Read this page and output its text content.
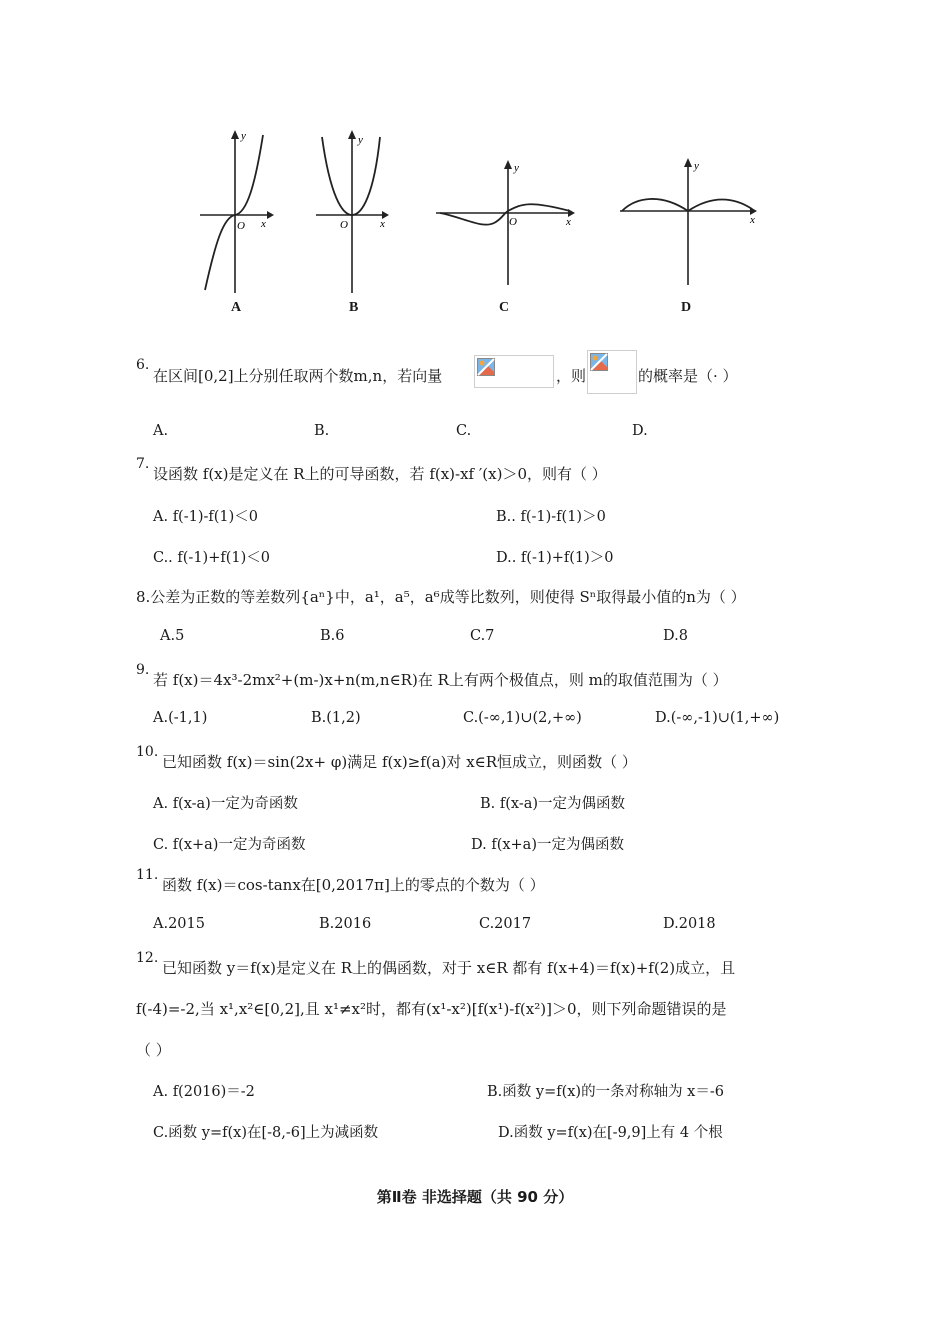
y
x
O
A
y
x
O
B
y
x
O
C
y
x
D
6.
在区间[0,2]上分别任取两个数m,n，若向量	，则	的概率是（· ）
A.	B.	C.	D.
7.
设函数 f(x)是定义在 R上的可导函数，若 f(x)-xf ′(x)＞0，则有（ ）
A. f(-1)-f(1)＜0	B.. f(-1)-f(1)＞0
C.. f(-1)+f(1)＜0	D.. f(-1)+f(1)＞0
8.公差为正数的等差数列{aⁿ}中，a¹，a⁵，a⁶成等比数列，则使得 Sⁿ取得最小值的n为（ ）
A.5	B.6	C.7	D.8
9.
若 f(x)＝4x³-2mx²+(m-)x+n(m,n∈R)在 R上有两个极值点，则 m的取值范围为（ ）
A.(-1,1)	B.(1,2)	C.(-∞,1)∪(2,+∞)	D.(-∞,-1)∪(1,+∞)
10.
已知函数 f(x)＝sin(2x+ φ)满足 f(x)≥f(a)对 x∈R恒成立，则函数（ ）
A. f(x-a)一定为奇函数	B. f(x-a)一定为偶函数
C. f(x+a)一定为奇函数	D. f(x+a)一定为偶函数
11.
函数 f(x)＝cos-tanx在[0,2017π]上的零点的个数为（ ）
A.2015	B.2016	C.2017	D.2018
12.
已知函数 y＝f(x)是定义在 R上的偶函数，对于 x∈R 都有 f(x+4)＝f(x)+f(2)成立，且
f(-4)=-2,当 x¹,x²∈[0,2],且 x¹≠x²时，都有(x¹-x²)[f(x¹)-f(x²)]＞0，则下列命题错误的是
（ ）
A. f(2016)＝-2	B.函数 y=f(x)的一条对称轴为 x＝-6
C.函数 y=f(x)在[-8,-6]上为减函数	D.函数 y=f(x)在[-9,9]上有 4 个根
第Ⅱ卷 非选择题（共 90 分）
